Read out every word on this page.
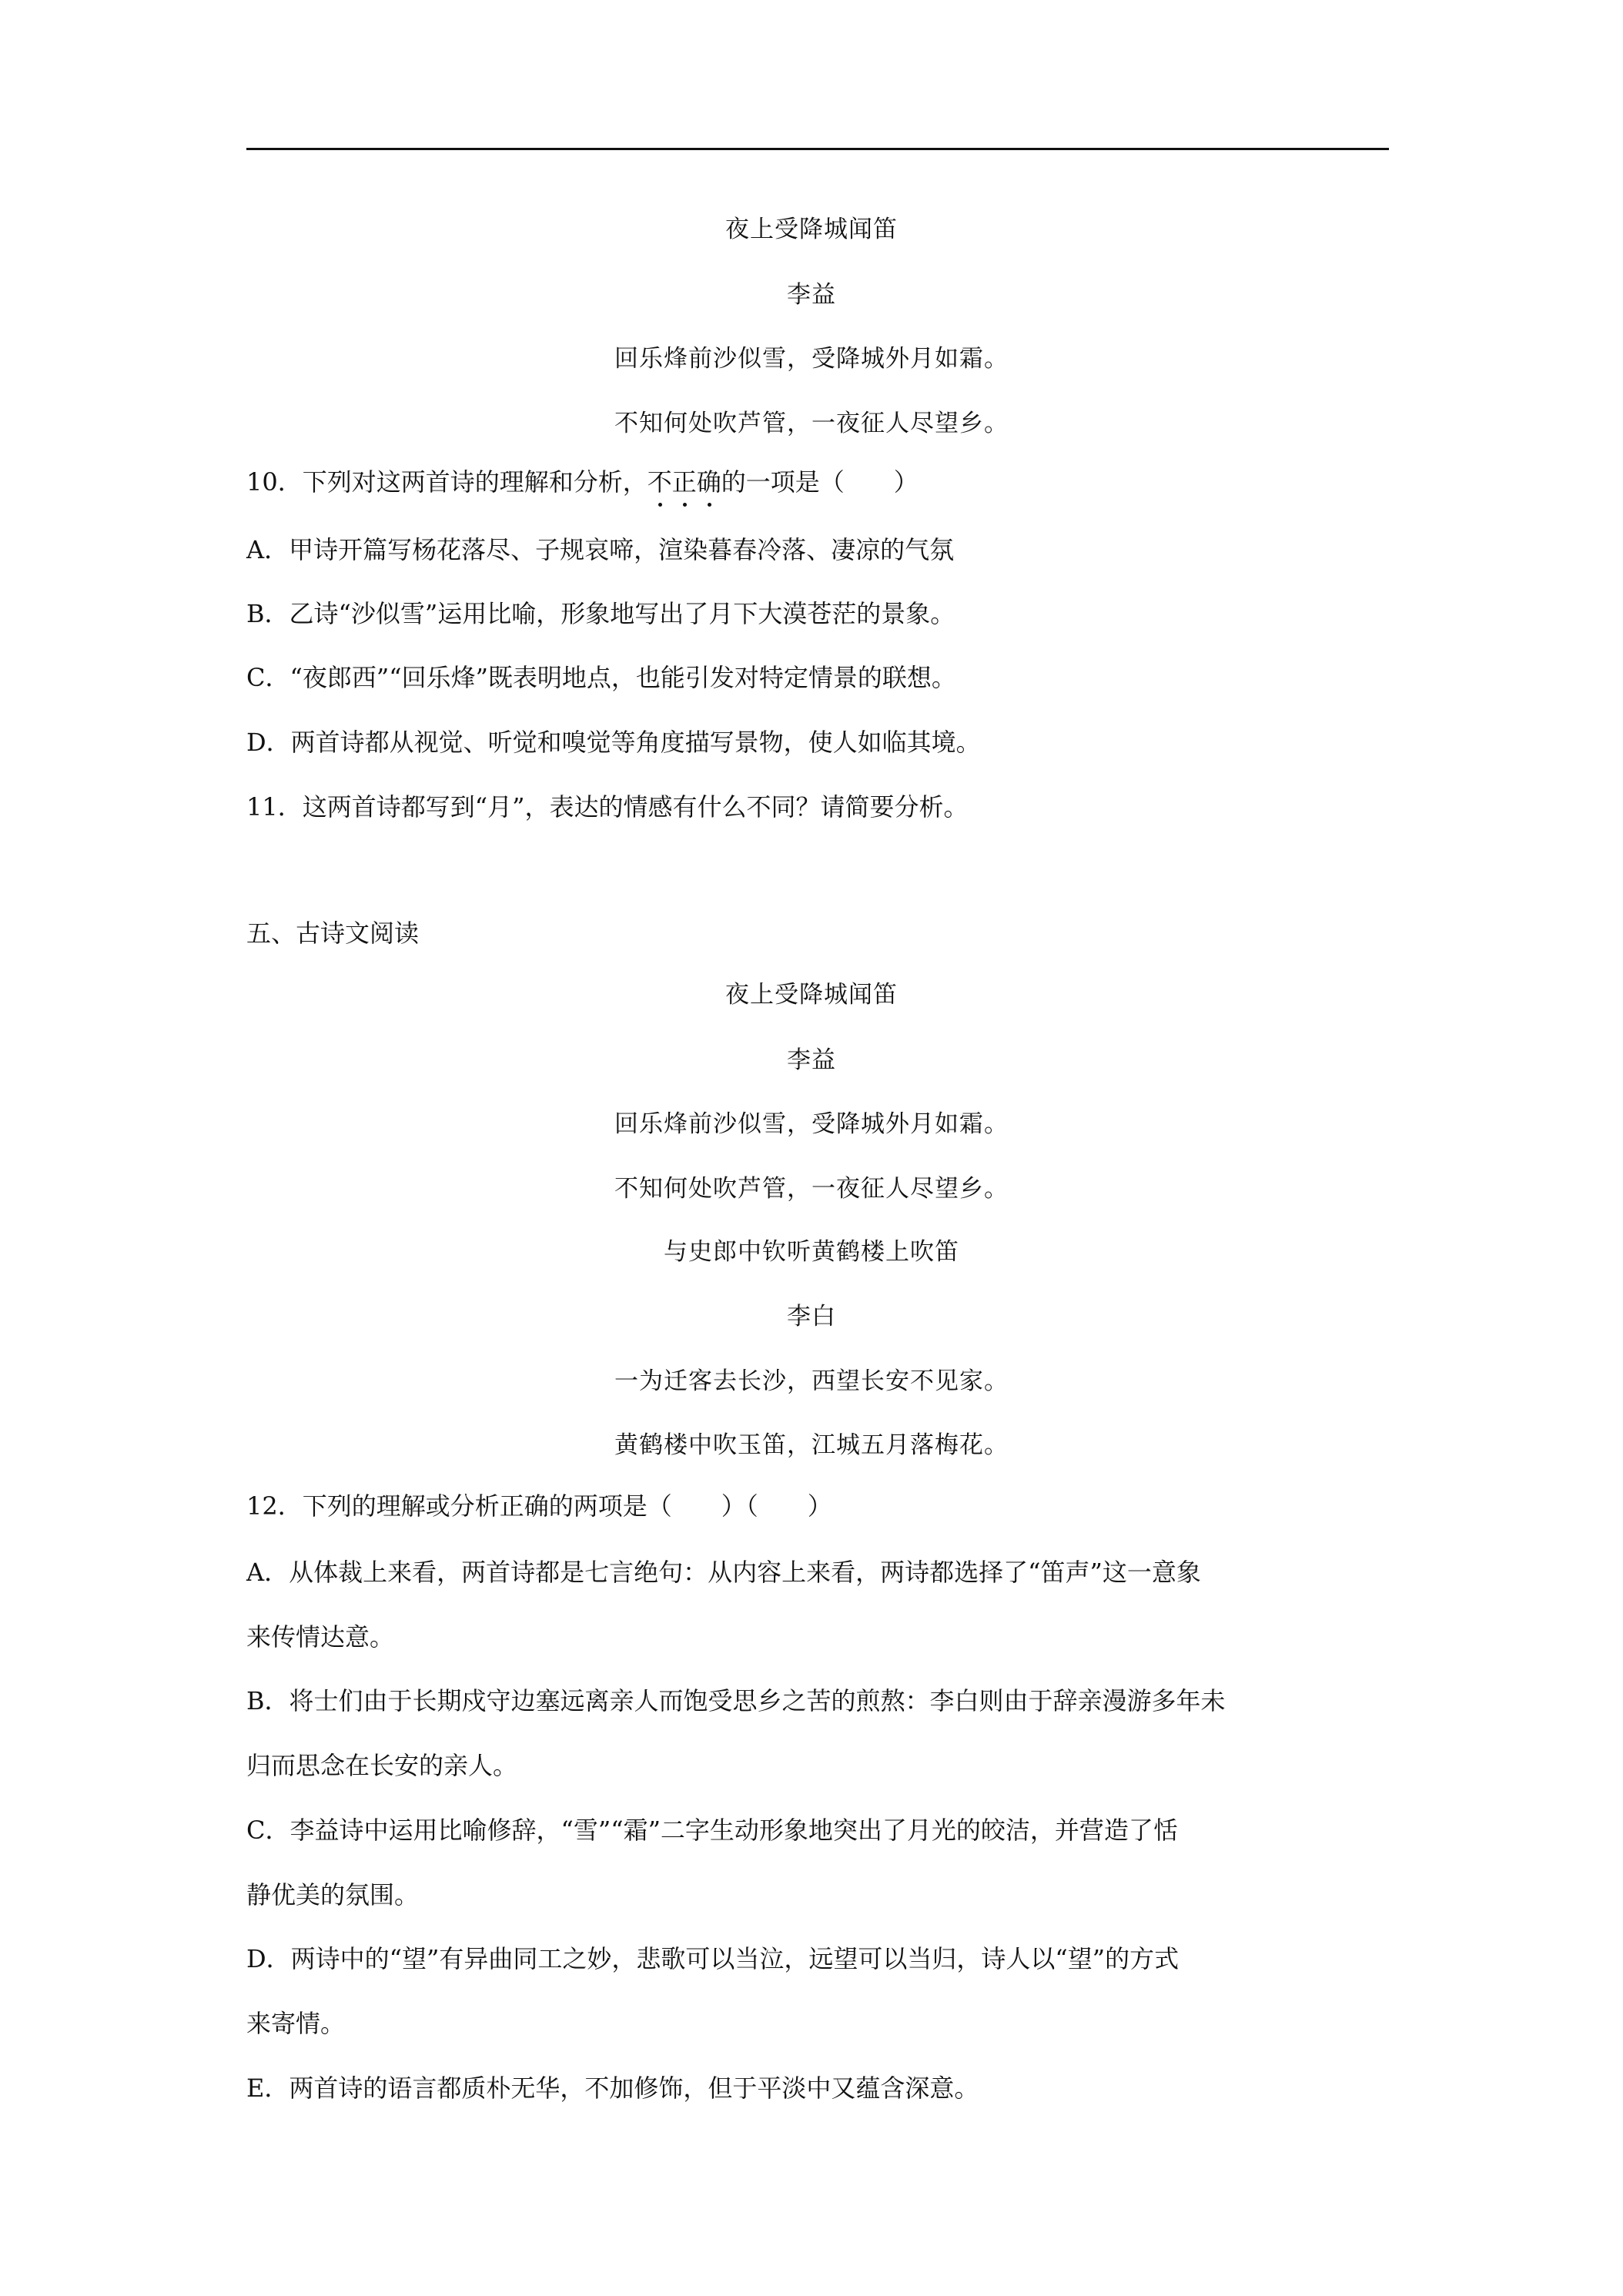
夜上受降城闻笛
李益
回乐烽前沙似雪，受降城外月如霜。
不知何处吹芦管，一夜征人尽望乡。
10．下列对这两首诗的理解和分析，不正确的一项是（　　）
A．甲诗开篇写杨花落尽、子规哀啼，渲染暮春冷落、凄凉的气氛
B．乙诗“沙似雪”运用比喻，形象地写出了月下大漠苍茫的景象。
C．“夜郎西”“回乐烽”既表明地点，也能引发对特定情景的联想。
D．两首诗都从视觉、听觉和嗅觉等角度描写景物，使人如临其境。
11．这两首诗都写到“月”，表达的情感有什么不同？请简要分析。
五、古诗文阅读
夜上受降城闻笛
李益
回乐烽前沙似雪，受降城外月如霜。
不知何处吹芦管，一夜征人尽望乡。
与史郎中钦听黄鹤楼上吹笛
李白
一为迁客去长沙，西望长安不见家。
黄鹤楼中吹玉笛，江城五月落梅花。
12．下列的理解或分析正确的两项是（　　）（　　）
A．从体裁上来看，两首诗都是七言绝句：从内容上来看，两诗都选择了“笛声”这一意象
来传情达意。
B．将士们由于长期戍守边塞远离亲人而饱受思乡之苦的煎熬：李白则由于辞亲漫游多年未
归而思念在长安的亲人。
C．李益诗中运用比喻修辞，“雪”“霜”二字生动形象地突出了月光的皎洁，并营造了恬
静优美的氛围。
D．两诗中的“望”有异曲同工之妙，悲歌可以当泣，远望可以当归，诗人以“望”的方式
来寄情。
E．两首诗的语言都质朴无华，不加修饰，但于平淡中又蕴含深意。
